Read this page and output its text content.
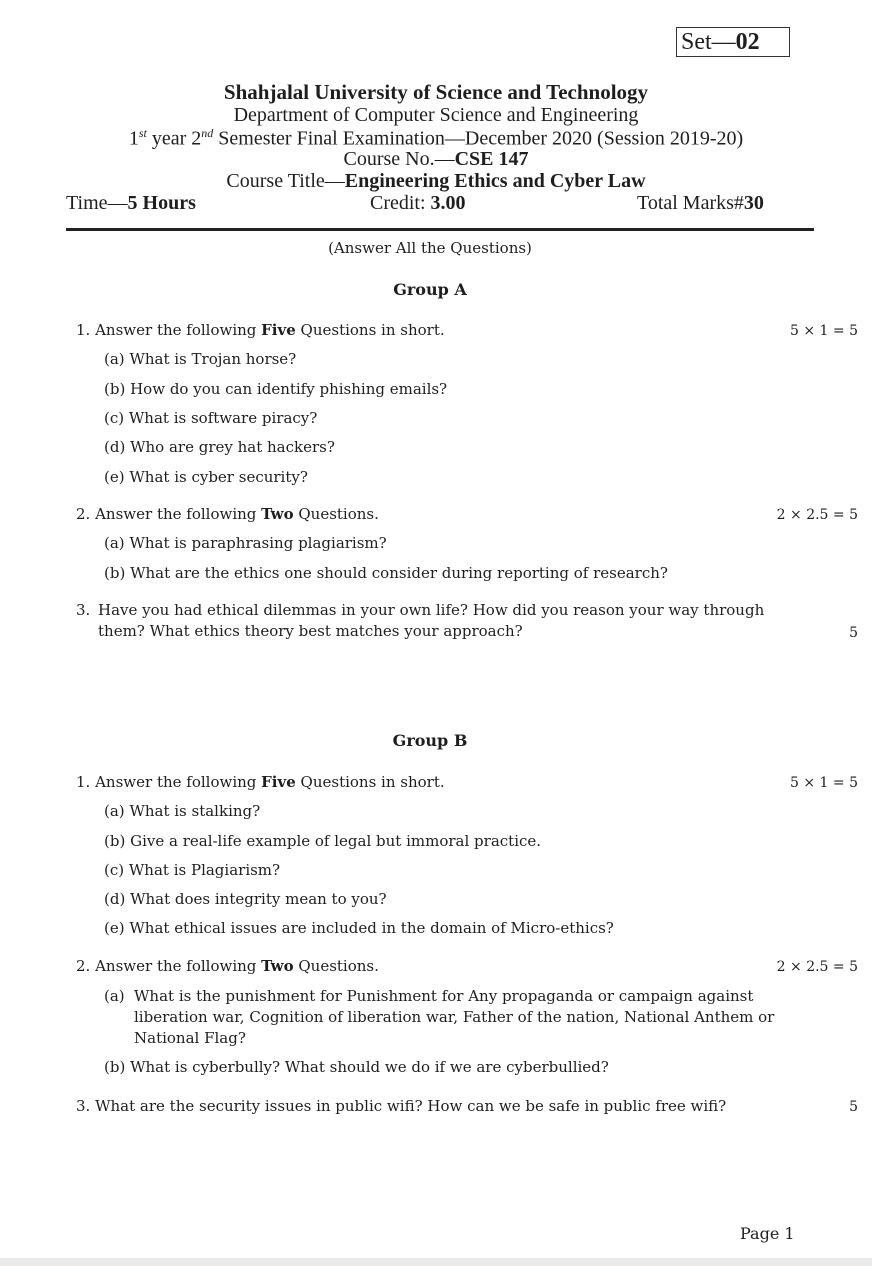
Set—02
Shahjalal University of Science and Technology
Department of Computer Science and Engineering
1st year 2nd Semester Final Examination—December 2020 (Session 2019-20)
Course No.—CSE 147
Course Title—Engineering Ethics and Cyber Law
Time—5 Hours	Credit: 3.00	Total Marks#30
(Answer All the Questions)
Group A
1. Answer the following Five Questions in short.	5 × 1 = 5
(a) What is Trojan horse?
(b) How do you can identify phishing emails?
(c) What is software piracy?
(d) Who are grey hat hackers?
(e) What is cyber security?
2. Answer the following Two Questions.	2 × 2.5 = 5
(a) What is paraphrasing plagiarism?
(b) What are the ethics one should consider during reporting of research?
3. Have you had ethical dilemmas in your own life? How did you reason your way through them? What ethics theory best matches your approach?	5
Group B
1. Answer the following Five Questions in short.	5 × 1 = 5
(a) What is stalking?
(b) Give a real-life example of legal but immoral practice.
(c) What is Plagiarism?
(d) What does integrity mean to you?
(e) What ethical issues are included in the domain of Micro-ethics?
2. Answer the following Two Questions.	2 × 2.5 = 5
(a) What is the punishment for Punishment for Any propaganda or campaign against liberation war, Cognition of liberation war, Father of the nation, National Anthem or National Flag?
(b) What is cyberbully? What should we do if we are cyberbullied?
3. What are the security issues in public wifi? How can we be safe in public free wifi?	5
Page 1
